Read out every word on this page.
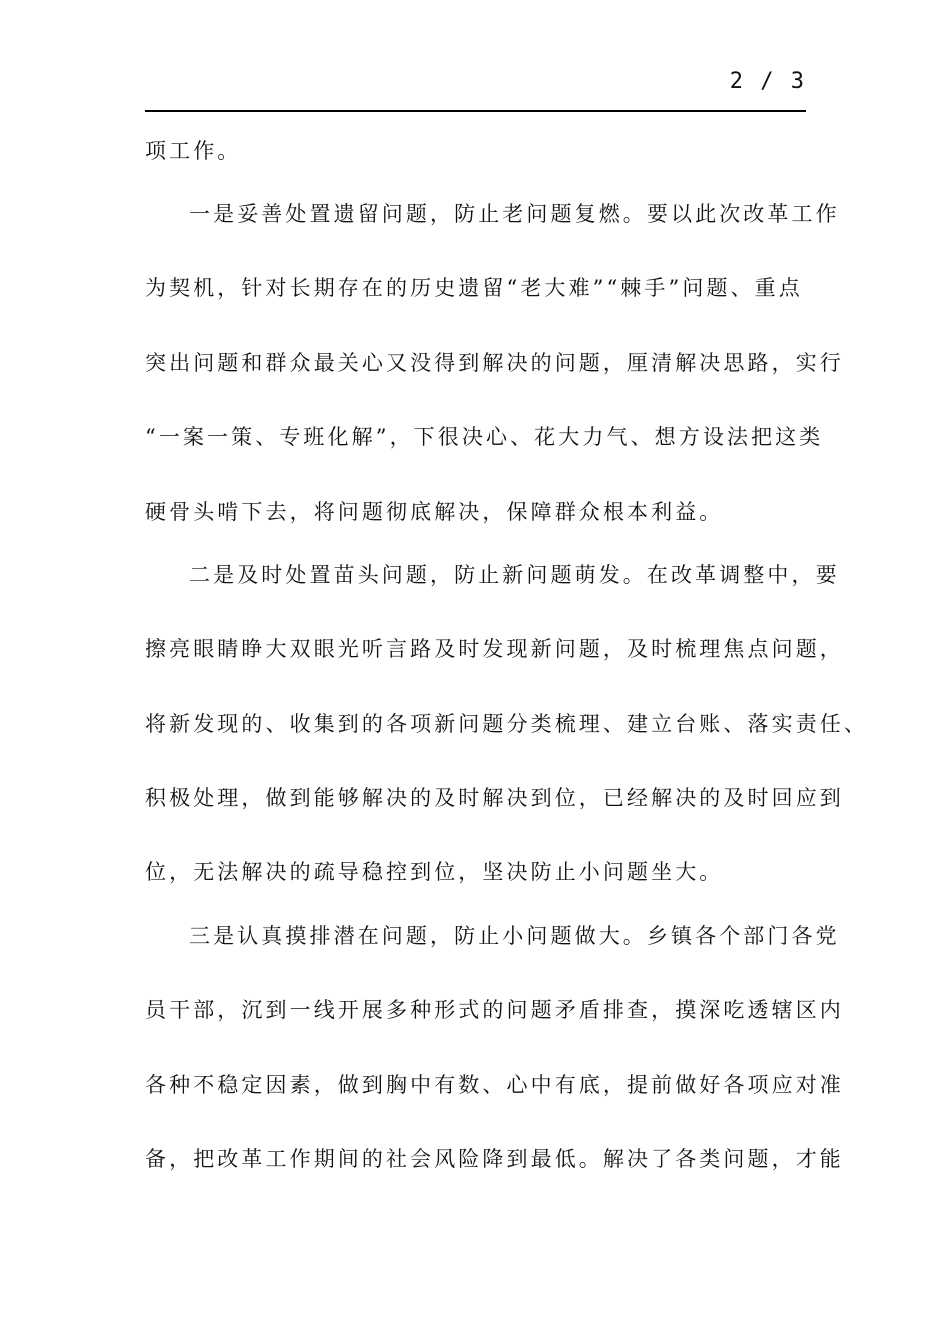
2 / 3
项工作。
一是妥善处置遗留问题，防止老问题复燃。要以此次改革工作
为契机，针对长期存在的历史遗留“老大难”“棘手”问题、重点
突出问题和群众最关心又没得到解决的问题，厘清解决思路，实行
“一案一策、专班化解”，下很决心、花大力气、想方设法把这类
硬骨头啃下去，将问题彻底解决，保障群众根本利益。
二是及时处置苗头问题，防止新问题萌发。在改革调整中，要
擦亮眼睛睁大双眼光听言路及时发现新问题，及时梳理焦点问题，
将新发现的、收集到的各项新问题分类梳理、建立台账、落实责任、
积极处理，做到能够解决的及时解决到位，已经解决的及时回应到
位，无法解决的疏导稳控到位，坚决防止小问题坐大。
三是认真摸排潜在问题，防止小问题做大。乡镇各个部门各党
员干部，沉到一线开展多种形式的问题矛盾排查，摸深吃透辖区内
各种不稳定因素，做到胸中有数、心中有底，提前做好各项应对准
备，把改革工作期间的社会风险降到最低。解决了各类问题，才能
